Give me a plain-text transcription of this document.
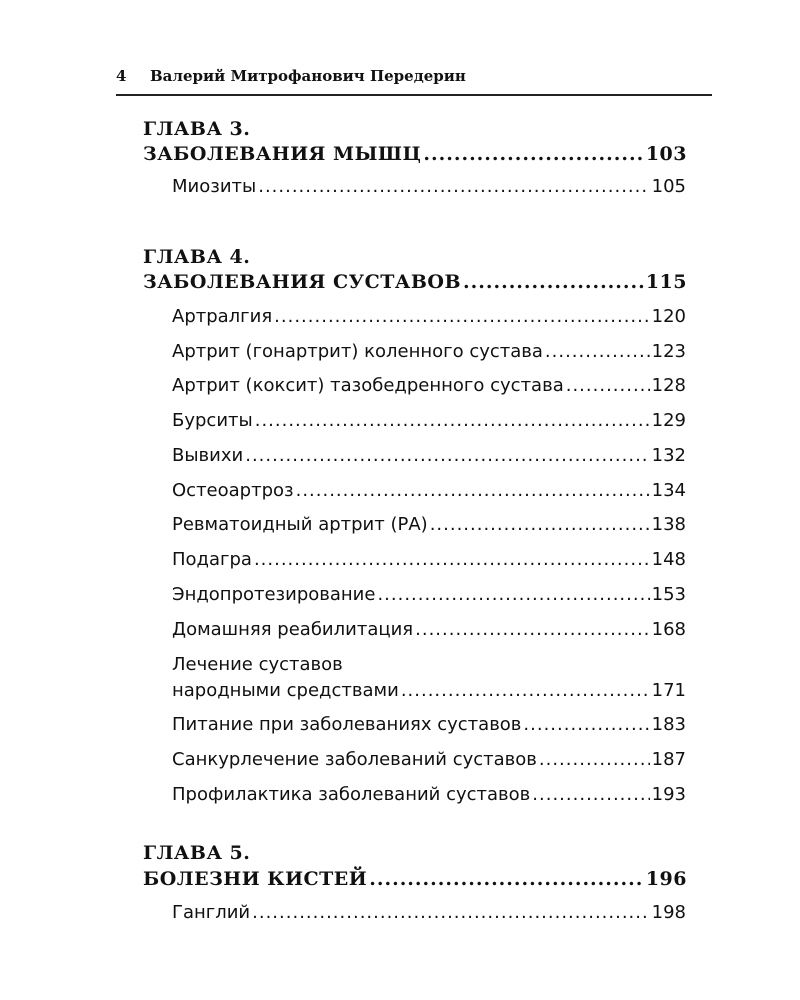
4	Валерий Митрофанович Передерин
ГЛАВА 3.
ЗАБОЛЕВАНИЯ МЫШЦ .....	103
Миозиты .....	105
ГЛАВА 4.
ЗАБОЛЕВАНИЯ СУСТАВОВ .....	115
Артралгия .....	120
Артрит (гонартрит) коленного сустава .....	123
Артрит (коксит) тазобедренного сустава .....	128
Бурситы .....	129
Вывихи .....	132
Остеоартроз .....	134
Ревматоидный артрит (РА) .....	138
Подагра .....	148
Эндопротезирование .....	153
Домашняя реабилитация .....	168
Лечение суставов
народными средствами .....	171
Питание при заболеваниях суставов .....	183
Санкурлечение заболеваний суставов .....	187
Профилактика заболеваний суставов .....	193
ГЛАВА 5.
БОЛЕЗНИ КИСТЕЙ .....	196
Ганглий .....	198
